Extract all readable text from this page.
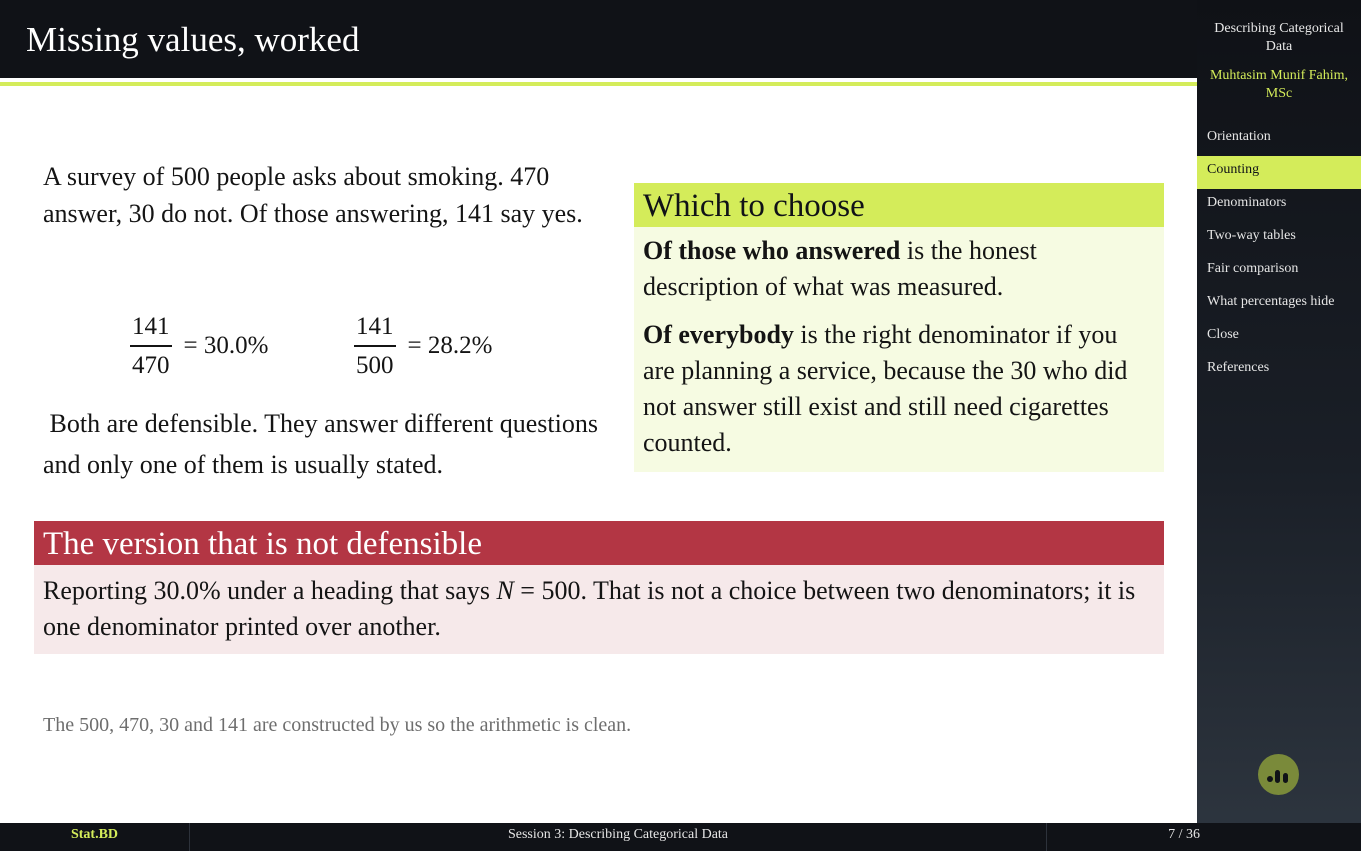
Missing values, worked
A survey of 500 people asks about smoking. 470 answer, 30 do not. Of those answering, 141 say yes.
$\frac{141}{470} = 30.0\%$	$\frac{141}{500} = 28.2\%$
Both are defensible. They answer different questions and only one of them is usually stated.
Which to choose

Of those who answered is the honest description of what was measured.

Of everybody is the right denominator if you are planning a service, because the 30 who did not answer still exist and still need cigarettes counted.

The version that is not defensible
Reporting 30.0% under a heading that says N = 500. That is not a choice between two denominators; it is one denominator printed over another.
The 500, 470, 30 and 141 are constructed by us so the arithmetic is clean.
Describing Categorical Data
Muhtasim Munif Fahim, MSc
Orientation
Counting
Denominators
Two-way tables
Fair comparison
What percentages hide
Close
References
Stat.BD	Session 3: Describing Categorical Data	7 / 36
